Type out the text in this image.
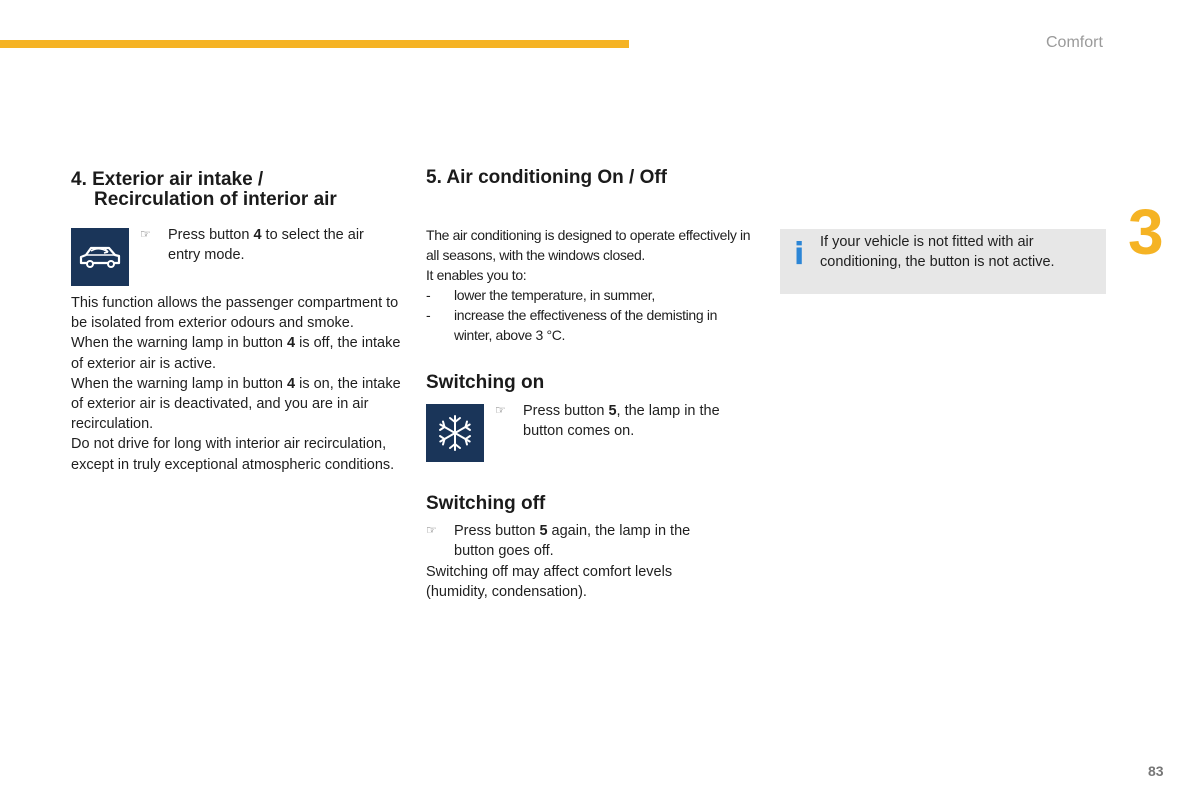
Comfort
3
4. Exterior air intake /
Recirculation of interior air
☞	Press button 4 to select the air entry mode.
This function allows the passenger compartment to be isolated from exterior odours and smoke.
When the warning lamp in button 4 is off, the intake of exterior air is active.
When the warning lamp in button 4 is on, the intake of exterior air is deactivated, and you are in air recirculation.
Do not drive for long with interior air recirculation, except in truly exceptional atmospheric conditions.
5. Air conditioning On / Off
The air conditioning is designed to operate effectively in all seasons, with the windows closed.
It enables you to:
-	lower the temperature, in summer,
-	increase the effectiveness of the demisting in winter, above 3 °C.
Switching on
☞	Press button 5, the lamp in the button comes on.
Switching off
☞	Press button 5 again, the lamp in the button goes off.
Switching off may affect comfort levels (humidity, condensation).
i If your vehicle is not fitted with air conditioning, the button is not active.
83
